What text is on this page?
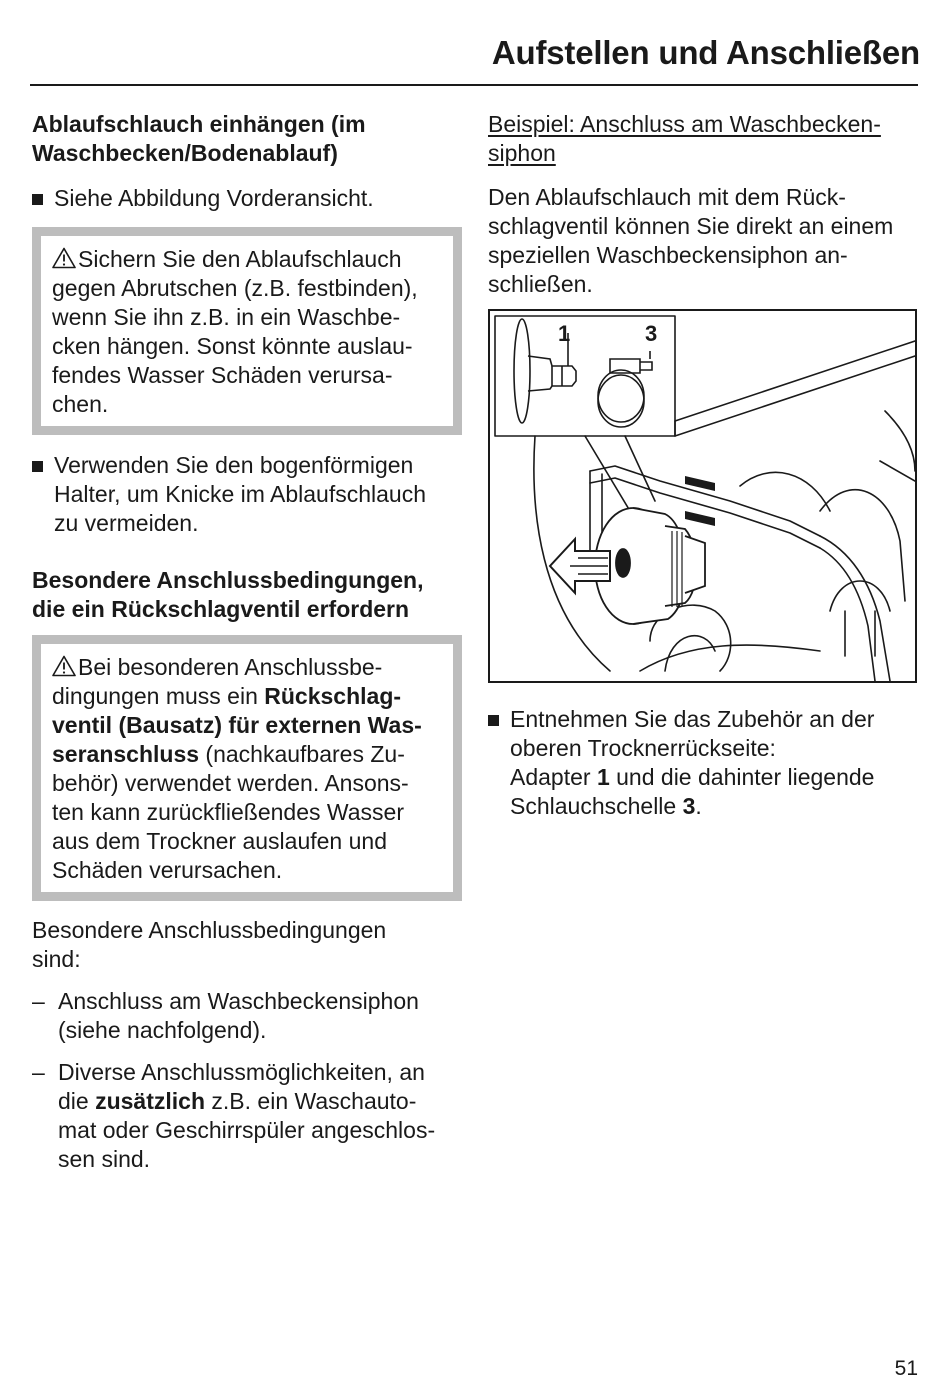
Aufstellen und Anschließen
Ablaufschlauch einhängen (im
Waschbecken/Bodenablauf)
Siehe Abbildung Vorderansicht.
Sichern Sie den Ablaufschlauch
gegen Abrutschen (z.B. festbinden),
wenn Sie ihn z.B. in ein Waschbe-
cken hängen. Sonst könnte auslau-
fendes Wasser Schäden verursa-
chen.
Verwenden Sie den bogenförmigen
Halter, um Knicke im Ablaufschlauch
zu vermeiden.
Besondere Anschlussbedingungen,
die ein Rückschlagventil erfordern
Bei besonderen Anschlussbe-
dingungen muss ein Rückschlag-
ventil (Bausatz) für externen Was-
seranschluss (nachkaufbares Zu-
behör) verwendet werden. Ansons-
ten kann zurückfließendes Wasser
aus dem Trockner auslaufen und
Schäden verursachen.
Besondere Anschlussbedingungen
sind:
– Anschluss am Waschbeckensiphon
(siehe nachfolgend).
– Diverse Anschlussmöglichkeiten, an
die zusätzlich z.B. ein Waschauto-
mat oder Geschirrspüler angeschlos-
sen sind.
Beispiel: Anschluss am Waschbecken-
siphon
Den Ablaufschlauch mit dem Rück-
schlagventil können Sie direkt an einem
speziellen Waschbeckensiphon an-
schließen.
1	3
Entnehmen Sie das Zubehör an der
oberen Trocknerrückseite:
Adapter 1 und die dahinter liegende
Schlauchschelle 3.
51
